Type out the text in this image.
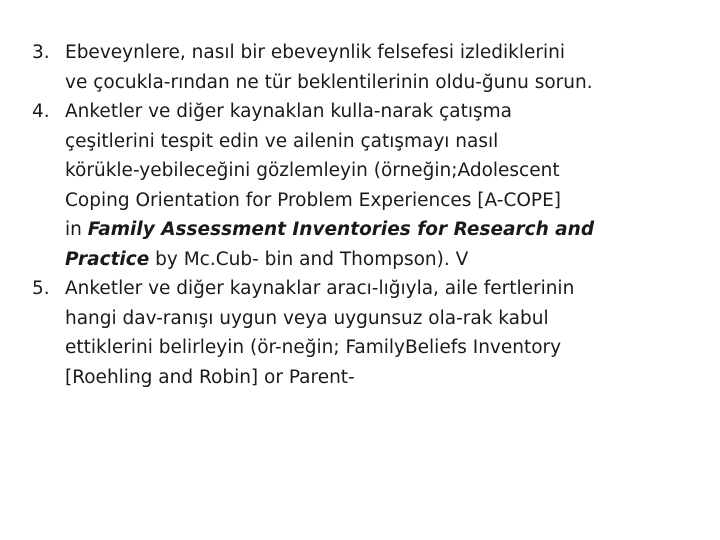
3. Ebeveynlere, nasıl bir ebeveynlik felsefesi izlediklerini
ve çocukla-rından ne tür beklentilerinin oldu-ğunu sorun.
4. Anketler ve diğer kaynaklan kulla-narak çatışma
çeşitlerini tespit edin ve ailenin çatışmayı nasıl
körükle-yebileceğini gözlemleyin (örneğin;Adolescent
Coping Orientation for Problem Experiences [A-COPE]
in Family Assessment Inventories for Research and
Practice by Mc.Cub- bin and Thompson). V
5. Anketler ve diğer kaynaklar aracı-lığıyla, aile fertlerinin
hangi dav-ranışı uygun veya uygunsuz ola-rak kabul
ettiklerini belirleyin (ör-neğin; FamilyBeliefs Inventory
[Roehling and Robin] or Parent-
